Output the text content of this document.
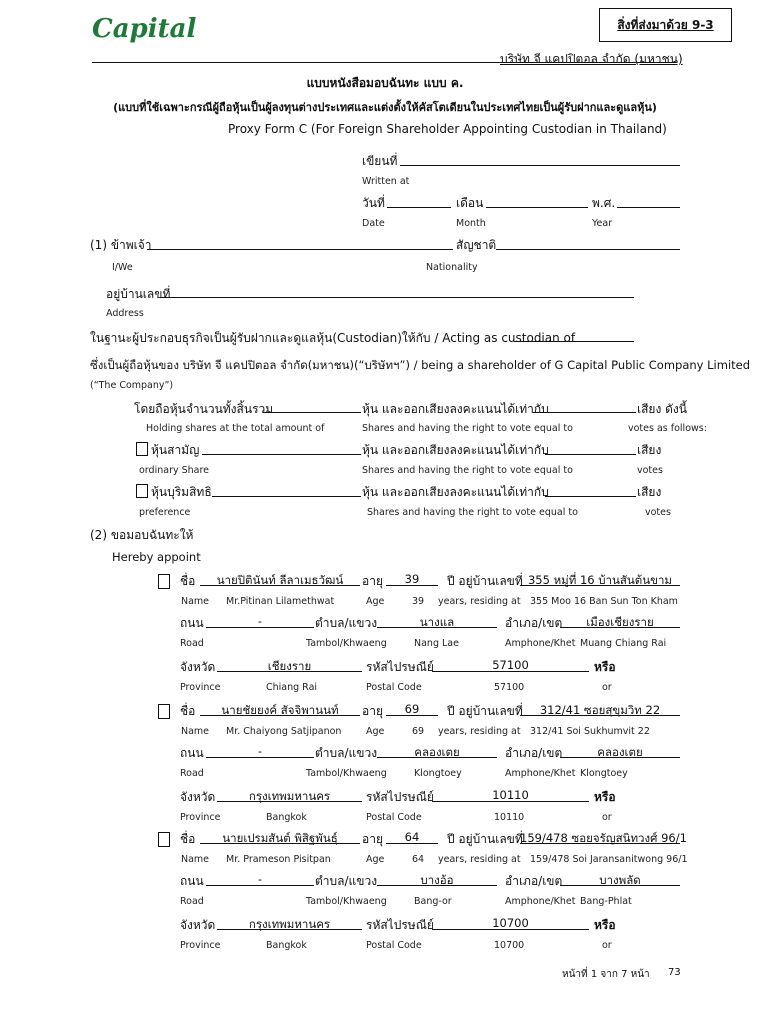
สิ่งที่ส่งมาด้วย 9-3
Capital
บริษัท จี แคปปิตอล จำกัด (มหาชน)
แบบหนังสือมอบฉันทะ แบบ ค.
(แบบที่ใช้เฉพาะกรณีผู้ถือหุ้นเป็นผู้ลงทุนต่างประเทศและแต่งตั้งให้คัสโตเดียนในประเทศไทยเป็นผู้รับฝากและดูแลหุ้น)
Proxy Form C (For Foreign Shareholder Appointing Custodian in Thailand)
เขียนที่
Written at
วันที่	เดือน	พ.ศ.
Date	Month	Year
(1) ข้าพเจ้า	สัญชาติ
I/We	Nationality
อยู่บ้านเลขที่
Address
ในฐานะผู้ประกอบธุรกิจเป็นผู้รับฝากและดูแลหุ้น(Custodian)ให้กับ / Acting as custodian of
ซึ่งเป็นผู้ถือหุ้นของ บริษัท จี แคปปิตอล จำกัด(มหาชน)(“บริษัทฯ”) / being a shareholder of G Capital Public Company Limited
(“The Company”)
โดยถือหุ้นจำนวนทั้งสิ้นรวม	หุ้น และออกเสียงลงคะแนนได้เท่ากับ	เสียง ดังนี้
Holding shares at the total amount of	Shares and having the right to vote equal to	votes as follows:
หุ้นสามัญ	หุ้น และออกเสียงลงคะแนนได้เท่ากับ	เสียง
ordinary Share	Shares and having the right to vote equal to	votes
หุ้นบุริมสิทธิ	หุ้น และออกเสียงลงคะแนนได้เท่ากับ	เสียง
preference	Shares and having the right to vote equal to	votes
(2) ขอมอบฉันทะให้
Hereby appoint
ชื่อ	นายปิตินันท์ ลีลาเมธวัฒน์	อายุ	39	ปี อยู่บ้านเลขที่ 355 หมู่ที่ 16 บ้านสันต้นขาม
Name Mr.Pitinan Lilamethwat	Age	39 years, residing at 355 Moo 16 Ban Sun Ton Kham
ถนน	-	ตำบล/แขวง	นางแล	อำเภอ/เขต	เมืองเชียงราย
Road	Tambol/Khwaeng	Nang Lae	Amphone/Khet Muang Chiang Rai
จังหวัด	เชียงราย	รหัสไปรษณีย์	57100	หรือ
Province	Chiang Rai	Postal Code	57100	or
ชื่อ	นายชัยยงค์ สัจจิพานนท์	อายุ	69	ปี อยู่บ้านเลขที่	312/41 ซอยสุขุมวิท 22
Name Mr. Chaiyong Satjipanon	Age	69 years, residing at 312/41 Soi Sukhumvit 22
ถนน	-	ตำบล/แขวง	คลองเตย	อำเภอ/เขต	คลองเตย
Road	Tambol/Khwaeng	Klongtoey	Amphone/Khet Klongtoey
จังหวัด	กรุงเทพมหานคร	รหัสไปรษณีย์	10110	หรือ
Province	Bangkok	Postal Code	10110	or
ชื่อ	นายเปรมสันต์ พิสิฐพันธุ์	อายุ	64	ปี อยู่บ้านเลขที่
159/478 ซอยจรัญสนิทวงศ์ 96/1
Name Mr. Prameson Pisitpan	Age	64 years, residing at 159/478 Soi Jaransanitwong 96/1
ถนน	-	ตำบล/แขวง	บางอ้อ	อำเภอ/เขต	บางพลัด
Road	Tambol/Khwaeng	Bang-or	Amphone/Khet Bang-Phlat
จังหวัด	กรุงเทพมหานคร	รหัสไปรษณีย์	10700	หรือ
Province	Bangkok	Postal Code	10700	or
หน้าที่ 1 จาก 7 หน้า 73
